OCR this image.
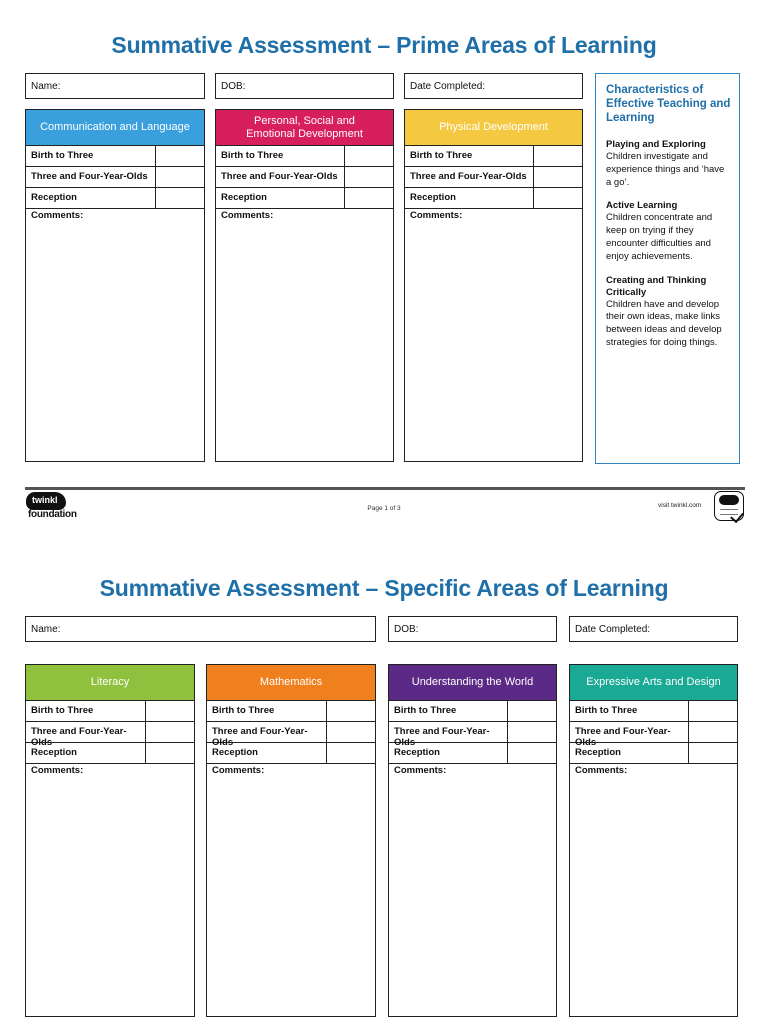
Summative Assessment – Prime Areas of Learning
Name:	DOB:	Date Completed:
Communication and Language
Birth to Three
Three and Four-Year-Olds
Reception
Comments:
Personal, Social and
Emotional Development
Birth to Three
Three and Four-Year-Olds
Reception
Comments:
Physical Development
Birth to Three
Three and Four-Year-Olds
Reception
Comments:
Characteristics of Effective Teaching and Learning
Playing and Exploring

Children investigate and experience things and ‘have a go’.

Active Learning

Children concentrate and keep on trying if they encounter difficulties and enjoy achievements.

Creating and Thinking Critically

Children have and develop their own ideas, make links between ideas and develop strategies for doing things.

twinkl
foundation
Page 1 of 3	visit twinkl.com
Summative Assessment – Specific Areas of Learning
Name:	DOB:	Date Completed:
Literacy
Birth to Three
Three and Four-Year-Olds
Reception
Comments:
Mathematics
Birth to Three
Three and Four-Year-Olds
Reception
Comments:
Understanding the World
Birth to Three
Three and Four-Year-Olds
Reception
Comments:
Expressive Arts and Design
Birth to Three
Three and Four-Year-Olds
Reception
Comments:
